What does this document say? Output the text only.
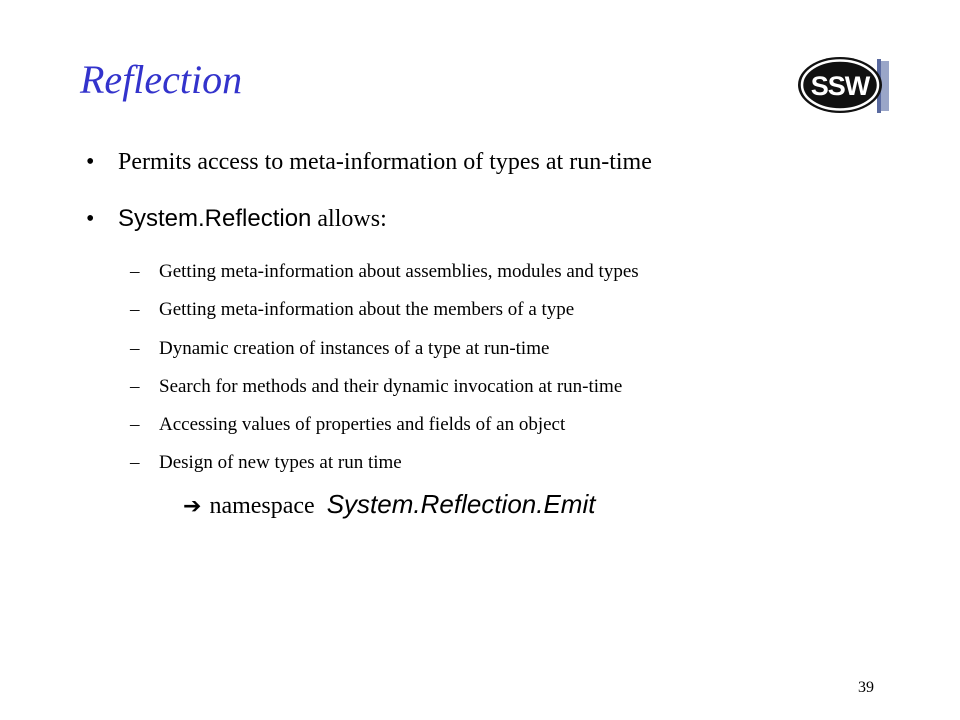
Reflection	SSW
• Permits access to meta-information of types at run-time
• System.Reflection allows:
– Getting meta-information about assemblies, modules and types
– Getting meta-information about the members of a type
– Dynamic creation of instances of a type at run-time
– Search for methods and their dynamic invocation at run-time
– Accessing values of properties and fields of an object
– Design of new types at run time
➔ namespace System.Reflection.Emit
39
